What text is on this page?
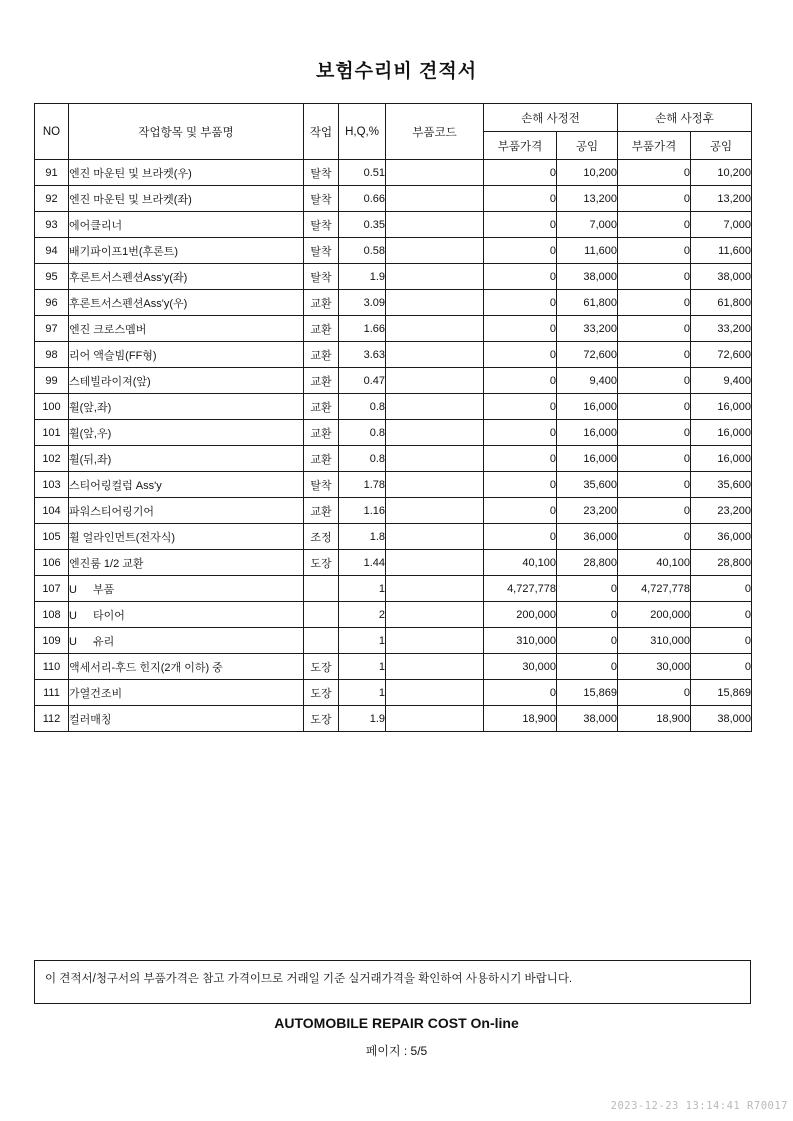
보험수리비 견적서
NO	작업항목 및 부품명	작업	H,Q,%	부품코드	손해 사정전		손해 사정후	
					부품가격	공임	부품가격	공임
91	엔진 마운틴 및 브라켓(우)	탈착	0.51		0	10,200	0	10,200
92	엔진 마운틴 및 브라켓(좌)	탈착	0.66		0	13,200	0	13,200
93	에어클리너	탈착	0.35		0	7,000	0	7,000
94	배기파이프1번(후론트)	탈착	0.58		0	11,600	0	11,600
95	후론트서스펜션Ass'y(좌)	탈착	1.9		0	38,000	0	38,000
96	후론트서스펜션Ass'y(우)	교환	3.09		0	61,800	0	61,800
97	엔진 크로스멤버	교환	1.66		0	33,200	0	33,200
98	리어 액슬빔(FF형)	교환	3.63		0	72,600	0	72,600
99	스테빌라이져(앞)	교환	0.47		0	9,400	0	9,400
100	휠(앞,좌)	교환	0.8		0	16,000	0	16,000
101	휠(앞,우)	교환	0.8		0	16,000	0	16,000
102	휠(뒤,좌)	교환	0.8		0	16,000	0	16,000
103	스티어링컬럼 Ass'y	탈착	1.78		0	35,600	0	35,600
104	파워스티어링기어	교환	1.16		0	23,200	0	23,200
105	휠 얼라인먼트(전자식)	조정	1.8		0	36,000	0	36,000
106	엔진룸 1/2 교환	도장	1.44		40,100	28,800	40,100	28,800
107	U 부품		1		4,727,778	0	4,727,778	0
108	U 타이어		2		200,000	0	200,000	0
109	U 유리		1		310,000	0	310,000	0
110	액세서리-후드 힌지(2개 이하) 중	도장	1		30,000	0	30,000	0
111	가열건조비	도장	1		0	15,869	0	15,869
112	컬러매칭	도장	1.9		18,900	38,000	18,900	38,000
이 견적서/청구서의 부품가격은 참고 가격이므로 거래일 기준 실거래가격을 확인하여 사용하시기 바랍니다.
AUTOMOBILE REPAIR COST On-line
페이지 : 5/5
2023-12-23 13:14:41 R70017
